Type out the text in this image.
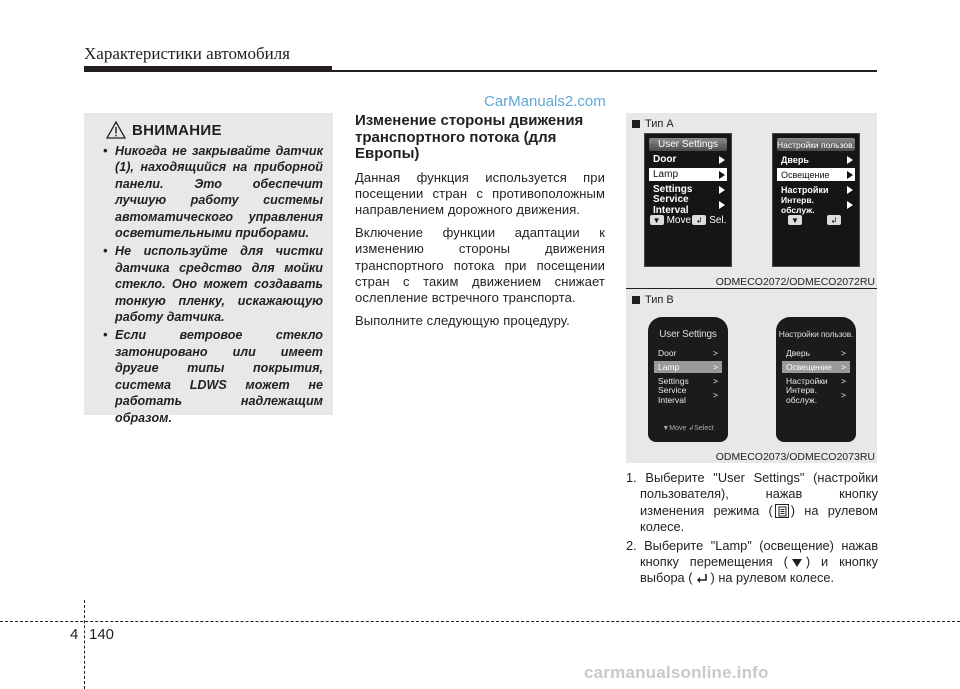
Характеристики автомобиля
CarManuals2.com
ВНИМАНИЕ
• Никогда не закрывайте датчик (1), находящийся на приборной панели. Это обеспечит лучшую работу системы автоматического управления осветительными приборами.
• Не используйте для чистки датчика средство для мойки стекло. Оно может создавать тонкую пленку, искажающую работу датчика.
• Если ветровое стекло затонировано или имеет другие типы покрытия, система LDWS может не работать надлежащим образом.
Изменение стороны движения транспортного потока (для Европы)

Данная функция используется при посещении стран с противоположным направлением дорожного движения.

Включение функции адаптации к изменению стороны движения транспортного потока при посещении стран с таким движением снижает ослепление встречного транспорта.

Выполните следующую процедуру.

Тип A
User Settings
Door
Lamp
Settings
Service Interval
▼ Move ↲ Sel.
Настройки пользов.
Дверь
Освещение
Настройки
Интерв. обслуж.
▼	↲
ODMECO2072/ODMECO2072RU
Тип B
User Settings
Door	>
Lamp	>
Settings	>
Service Interval	>
▼Move ↲Select
Настройки пользов.
Дверь	>
Освещение >
Настройки >
Интерв. обслуж.	>
ODMECO2073/ODMECO2073RU

1. Выберите "User Settings" (настройки пользователя), нажав кнопку изменения режима ( ) на рулевом колесе.

2. Выберите "Lamp" (освещение) нажав кнопку перемещения ( ) и кнопку выбора ( ) на рулевом колесе.

4 140
carmanualsonline.info
